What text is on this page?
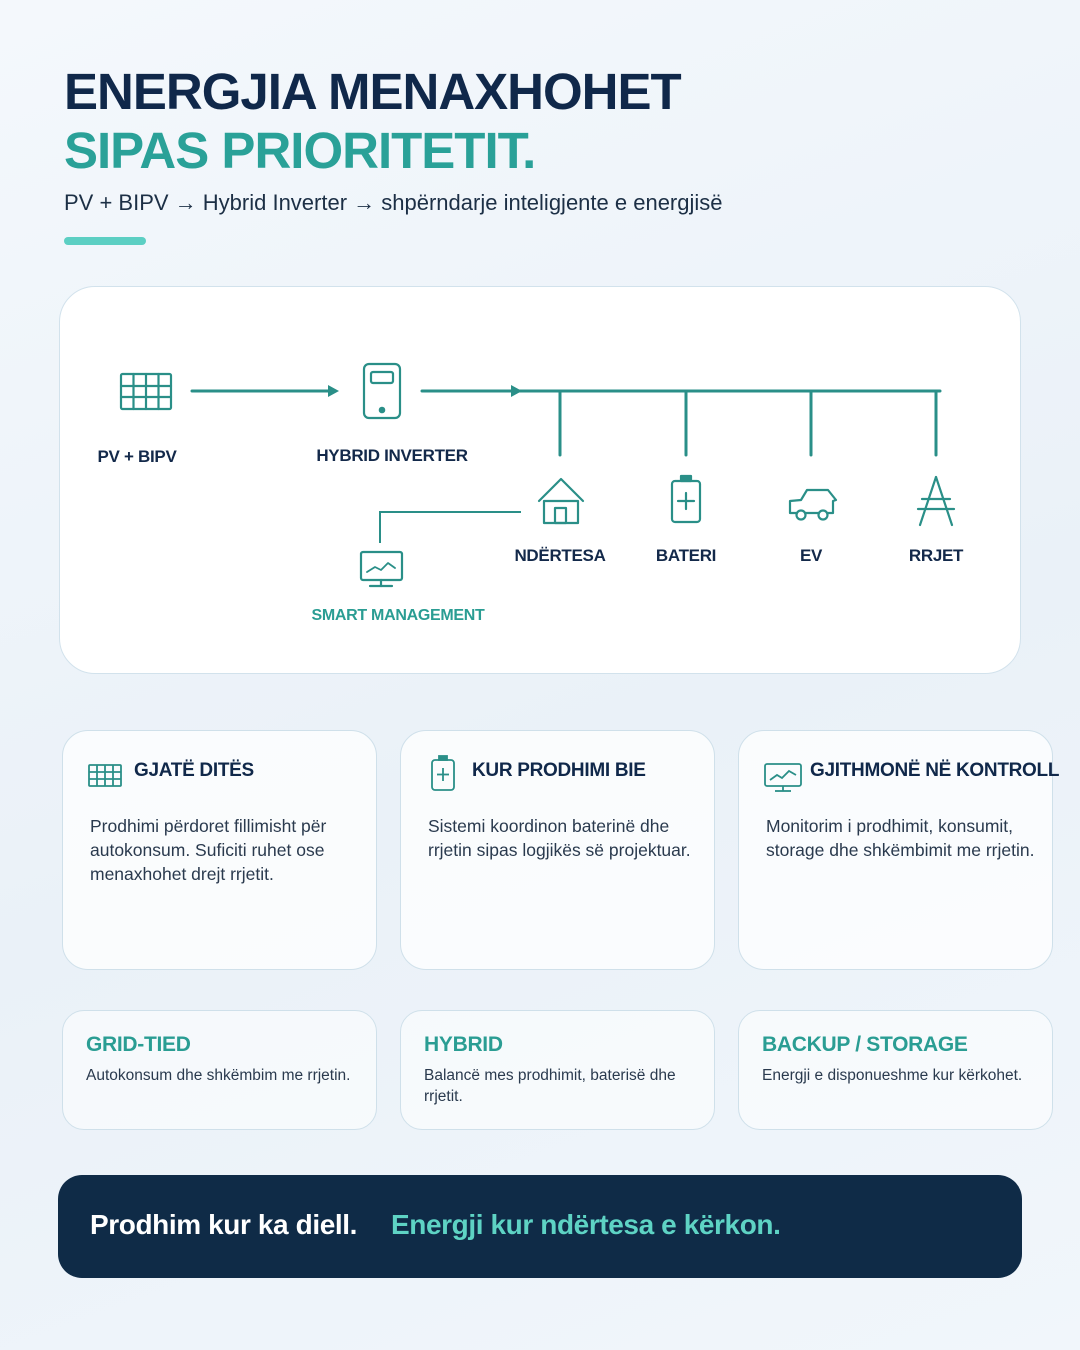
ENERGJIA MENAXHOHET
SIPAS PRIORITETIT.
PV + BIPV → Hybrid Inverter → shpërndarje inteligjente e energjisë
PV + BIPV	HYBRID INVERTER
NDËRTESA	BATERI	EV	RRJET
SMART MANAGEMENT
GJATË DITËS
Prodhimi përdoret fillimisht për autokonsum. Suficiti ruhet ose menaxhohet drejt rrjetit.
KUR PRODHIMI BIE
Sistemi koordinon baterinë dhe rrjetin sipas logjikës së projektuar.
GJITHMONË NË KONTROLL
Monitorim i prodhimit, konsumit, storage dhe shkëmbimit me rrjetin.
GRID-TIED
Autokonsum dhe shkëmbim me rrjetin.
HYBRID
Balancë mes prodhimit, baterisë dhe rrjetit.
BACKUP / STORAGE
Energji e disponueshme kur kërkohet.
Prodhim kur ka diell. Energji kur ndërtesa e kërkon.
